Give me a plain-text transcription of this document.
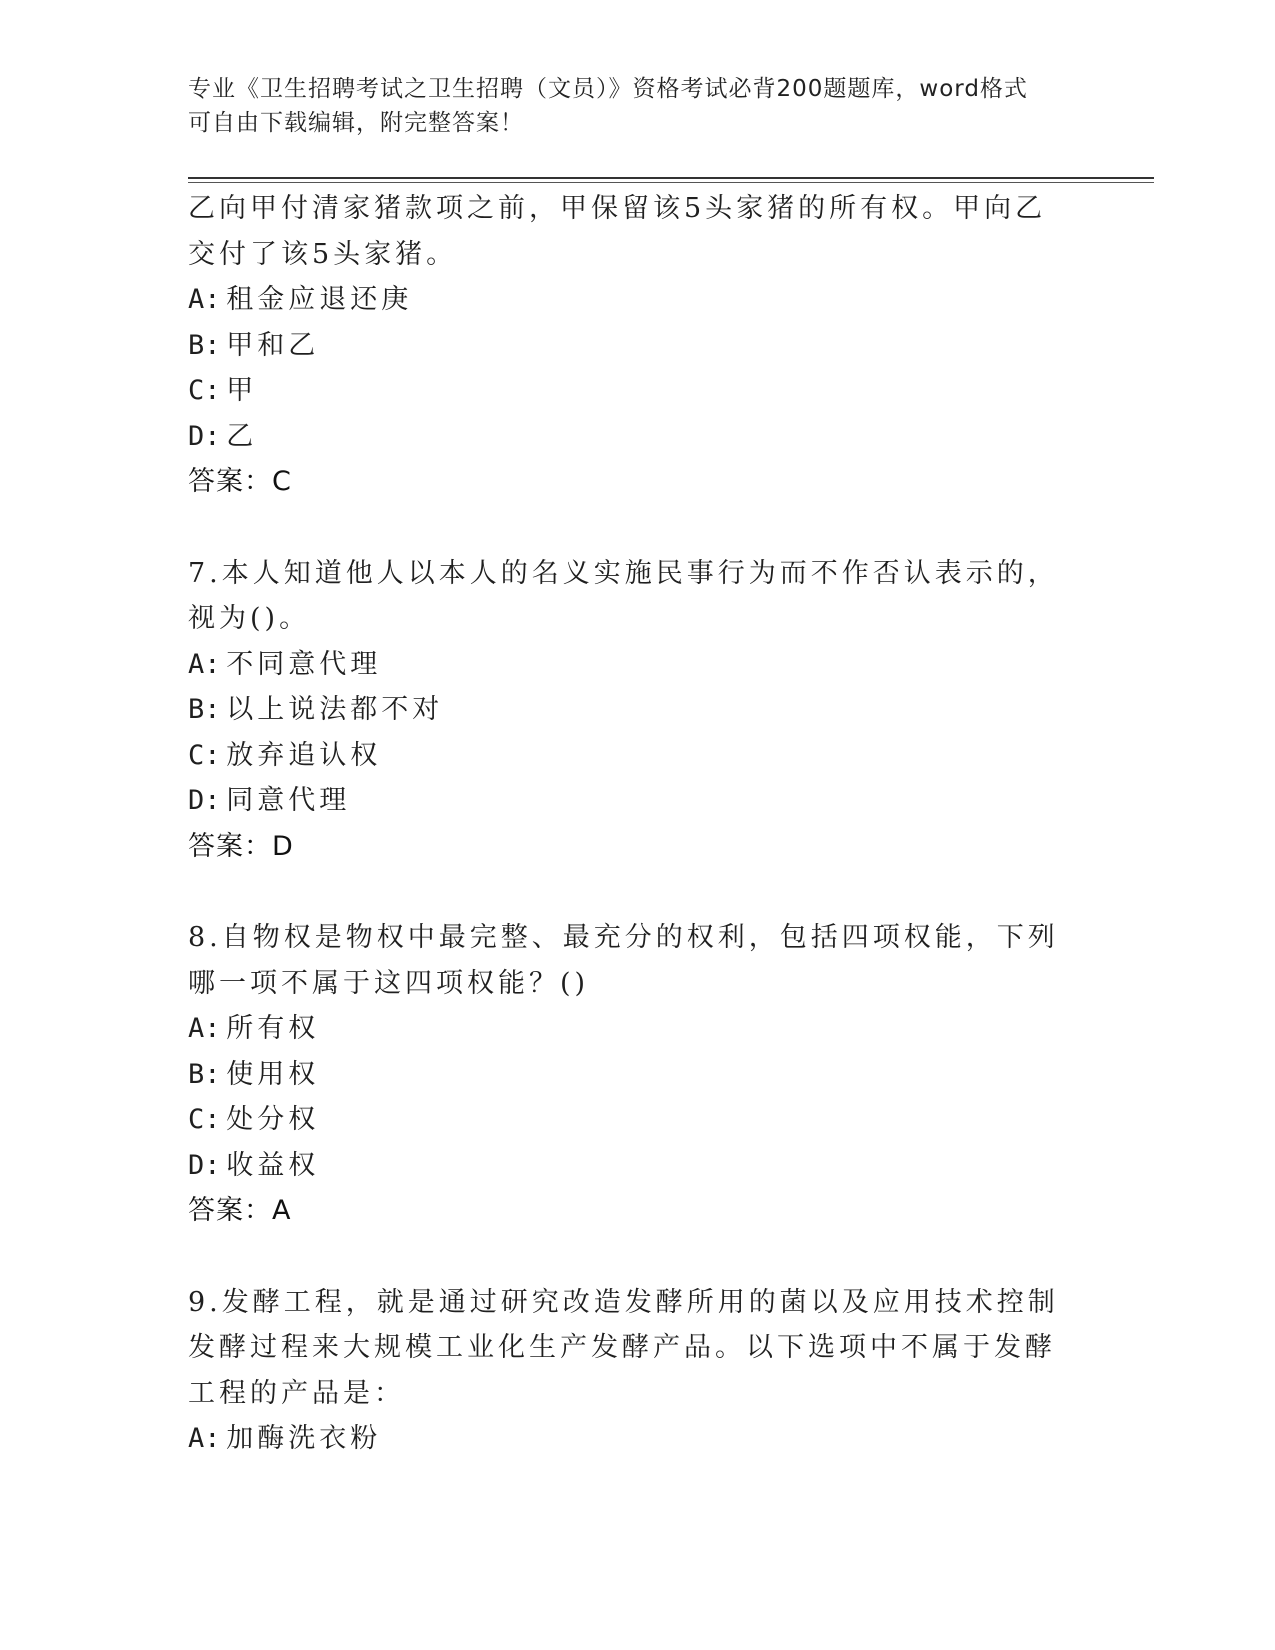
专业《卫生招聘考试之卫生招聘（文员）》资格考试必背200题题库，word格式
可自由下载编辑，附完整答案！

乙向甲付清家猪款项之前，甲保留该5头家猪的所有权。甲向乙交付了该5头家猪。

A: 租金应退还庚
B: 甲和乙
C: 甲
D: 乙
答案：C

7.本人知道他人以本人的名义实施民事行为而不作否认表示的，视为()。

A: 不同意代理
B: 以上说法都不对
C: 放弃追认权
D: 同意代理
答案：D

8.自物权是物权中最完整、最充分的权利，包括四项权能，下列哪一项不属于这四项权能？()

A: 所有权
B: 使用权
C: 处分权
D: 收益权
答案：A

9.发酵工程，就是通过研究改造发酵所用的菌以及应用技术控制发酵过程来大规模工业化生产发酵产品。以下选项中不属于发酵工程的产品是：

A: 加酶洗衣粉
